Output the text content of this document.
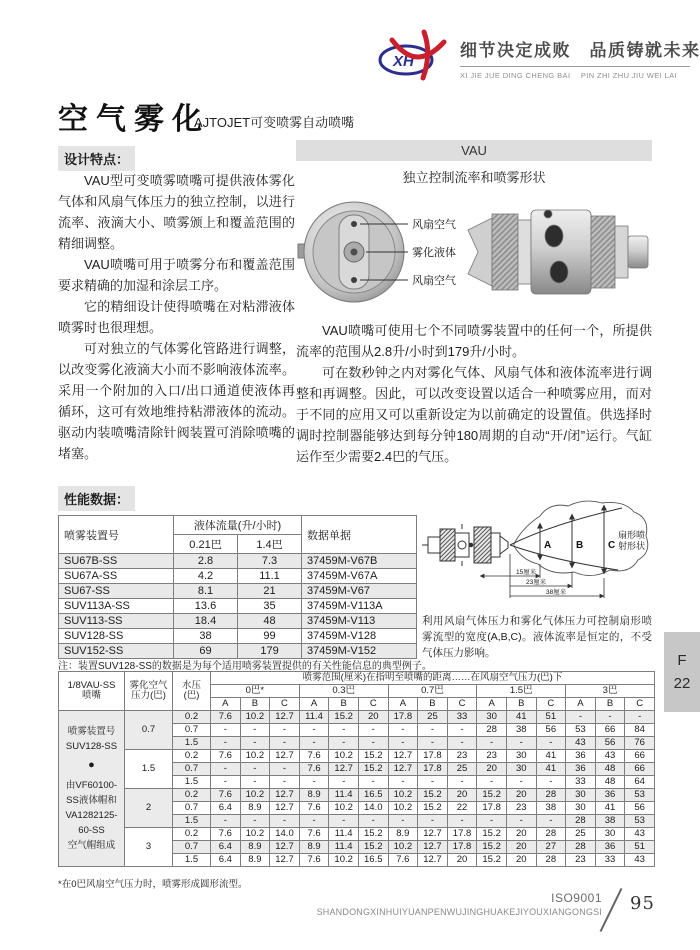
XH
细节决定成败　品质铸就未来
XI JIE JUE DING CHENG BAI　 PIN ZHI ZHU JIU WEI LAI
空气雾化
AJTOJET可变喷雾自动喷嘴
设计特点：

VAU型可变喷雾喷嘴可提供液体雾化气体和风扇气体压力的独立控制，以进行流率、液滴大小、喷雾颁上和覆盖范围的精细调整。

VAU喷嘴可用于喷雾分布和覆盖范围要求精确的加湿和涂层工序。

它的精细设计使得喷嘴在对粘滞液体喷雾时也很理想。

可对独立的气体雾化管路进行调整，以改变雾化液滴大小而不影响液体流率。采用一个附加的入口/出口通道使液体再循环，这可有效地维持粘滞液体的流动。驱动内装喷嘴清除针阀装置可消除喷嘴的堵塞。

VAU
独立控制流率和喷雾形状
风扇空气
雾化液体
风扇空气

VAU喷嘴可使用七个不同喷雾装置中的任何一个，所提供流率的范围从2.8升/小时到179升/小时。

可在数秒钟之内对雾化气体、风扇气体和液体流率进行调整和再调整。因此，可以改变设置以适合一种喷雾应用，而对于不同的应用又可以重新设定为以前确定的设置值。供选择时调时控制器能够达到每分钟180周期的自动“开/闭”运行。气缸运作至少需要2.4巴的气压。

性能数据：
喷雾装置号	液体流量(升/小时)		数据单据
	0.21巴	1.4巴	
SU67B-SS	2.8	7.3	37459M-V67B
SU67A-SS	4.2	11.1	37459M-V67A
SU67-SS	8.1	21	37459M-V67
SUV113A-SS	13.6	35	37459M-V113A
SUV113-SS	18.4	48	37459M-V113
SUV128-SS	38	99	37459M-V128
SUV152-SS	69	179	37459M-V152
A B C
扇形喷
射形状
15厘米
23厘米
38厘米
利用风扇气体压力和雾化气体压力可控制扇形喷雾流型的宽度(A,B,C)。液体流率是恒定的，不受气体压力影响。	F
22
注：装置SUV128-SS的数据是为每个适用喷雾装置提供的有关性能信息的典型例子。
1/8VAU-SS
喷嘴

雾化空气
压力(巴)

水压
(巴)
	喷雾范围(厘米)在指明至喷嘴的距离……在风扇空气压力(巴)下
			0巴*			0.3巴			0.7巴			1.5巴			3巴		
			A	B	C	A	B	C	A	B	C	A	B	C	A	B	C

喷雾装置号
SUV128-SS
●
由VF60100-
SS液体帽和
VA1282125-
60-SS
空气帽组成
	0.7	0.2	7.6	10.2	12.7	11.4	15.2	20	17.8	25	33	30	41	51	-	-	-
		0.7	-	-	-	-	-	-	-	-	-	28	38	56	53	66	84
		1.5	-	-	-	-	-	-	-	-	-	-	-	-	43	56	76
	1.5	0.2	7.6	10.2	12.7	7.6	10.2	15.2	12.7	17.8	23	23	30	41	36	43	66
		0.7	-	-	-	7.6	12.7	15.2	12.7	17.8	25	20	30	41	36	48	66
		1.5	-	-	-	-	-	-	-	-	-	-	-	-	33	48	64
	2	0.2	7.6	10.2	12.7	8.9	11.4	16.5	10.2	15.2	20	15.2	20	28	30	36	53
		0.7	6.4	8.9	12.7	7.6	10.2	14.0	10.2	15.2	22	17.8	23	38	30	41	56
		1.5	-	-	-	-	-	-	-	-	-	-	-	-	28	38	53
	3	0.2	7.6	10.2	14.0	7.6	11.4	15.2	8.9	12.7	17.8	15.2	20	28	25	30	43
		0.7	6.4	8.9	12.7	8.9	11.4	15.2	10.2	12.7	17.8	15.2	20	27	28	36	51
		1.5	6.4	8.9	12.7	7.6	10.2	16.5	7.6	12.7	20	15.2	20	28	23	33	43
*在0巴风扇空气压力时，喷雾形成圆形流型。
ISO9001
SHANDONGXINHUIYUANPENWUJINGHUAKEJIYOUXIANGONGSI 95
